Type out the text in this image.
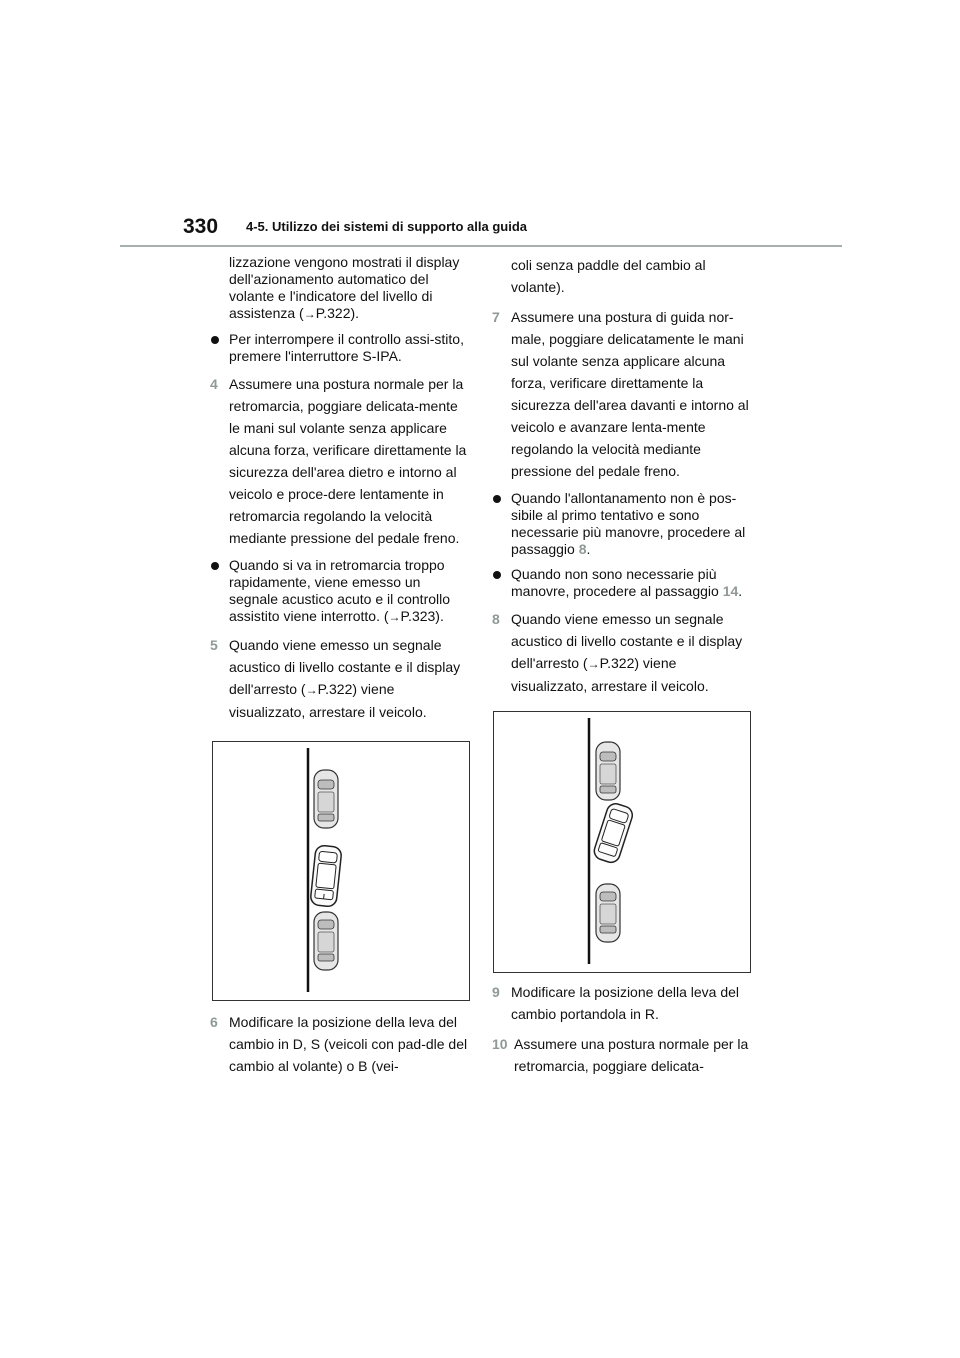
330 4-5. Utilizzo dei sistemi di supporto alla guida

lizzazione vengono mostrati il display dell'azionamento automatico del volante e l'indicatore del livello di assistenza (→P.322).

Per interrompere il controllo assi-stito, premere l'interruttore S-IPA.
4 Assumere una postura normale per la retromarcia, poggiare delicata-mente le mani sul volante senza applicare alcuna forza, verificare direttamente la sicurezza dell'area dietro e intorno al veicolo e proce-dere lentamente in retromarcia regolando la velocità mediante pressione del pedale freno.
Quando si va in retromarcia troppo rapidamente, viene emesso un segnale acustico acuto e il controllo assistito viene interrotto. (→P.323).
5 Quando viene emesso un segnale acustico di livello costante e il display dell'arresto (→P.322) viene visualizzato, arrestare il veicolo.
6 Modificare la posizione della leva del cambio in D, S (veicoli con pad-dle del cambio al volante) o B (vei-

coli senza paddle del cambio al volante).

7 Assumere una postura di guida nor-male, poggiare delicatamente le mani sul volante senza applicare alcuna forza, verificare direttamente la sicurezza dell'area davanti e intorno al veicolo e avanzare lenta-mente regolando la velocità mediante pressione del pedale freno.
Quando l'allontanamento non è pos-sibile al primo tentativo e sono necessarie più manovre, procedere al passaggio 8.
Quando non sono necessarie più manovre, procedere al passaggio 14.
8 Quando viene emesso un segnale acustico di livello costante e il display dell'arresto (→P.322) viene visualizzato, arrestare il veicolo.
9 Modificare la posizione della leva del cambio portandola in R.
10 Assumere una postura normale per la retromarcia, poggiare delicata-
